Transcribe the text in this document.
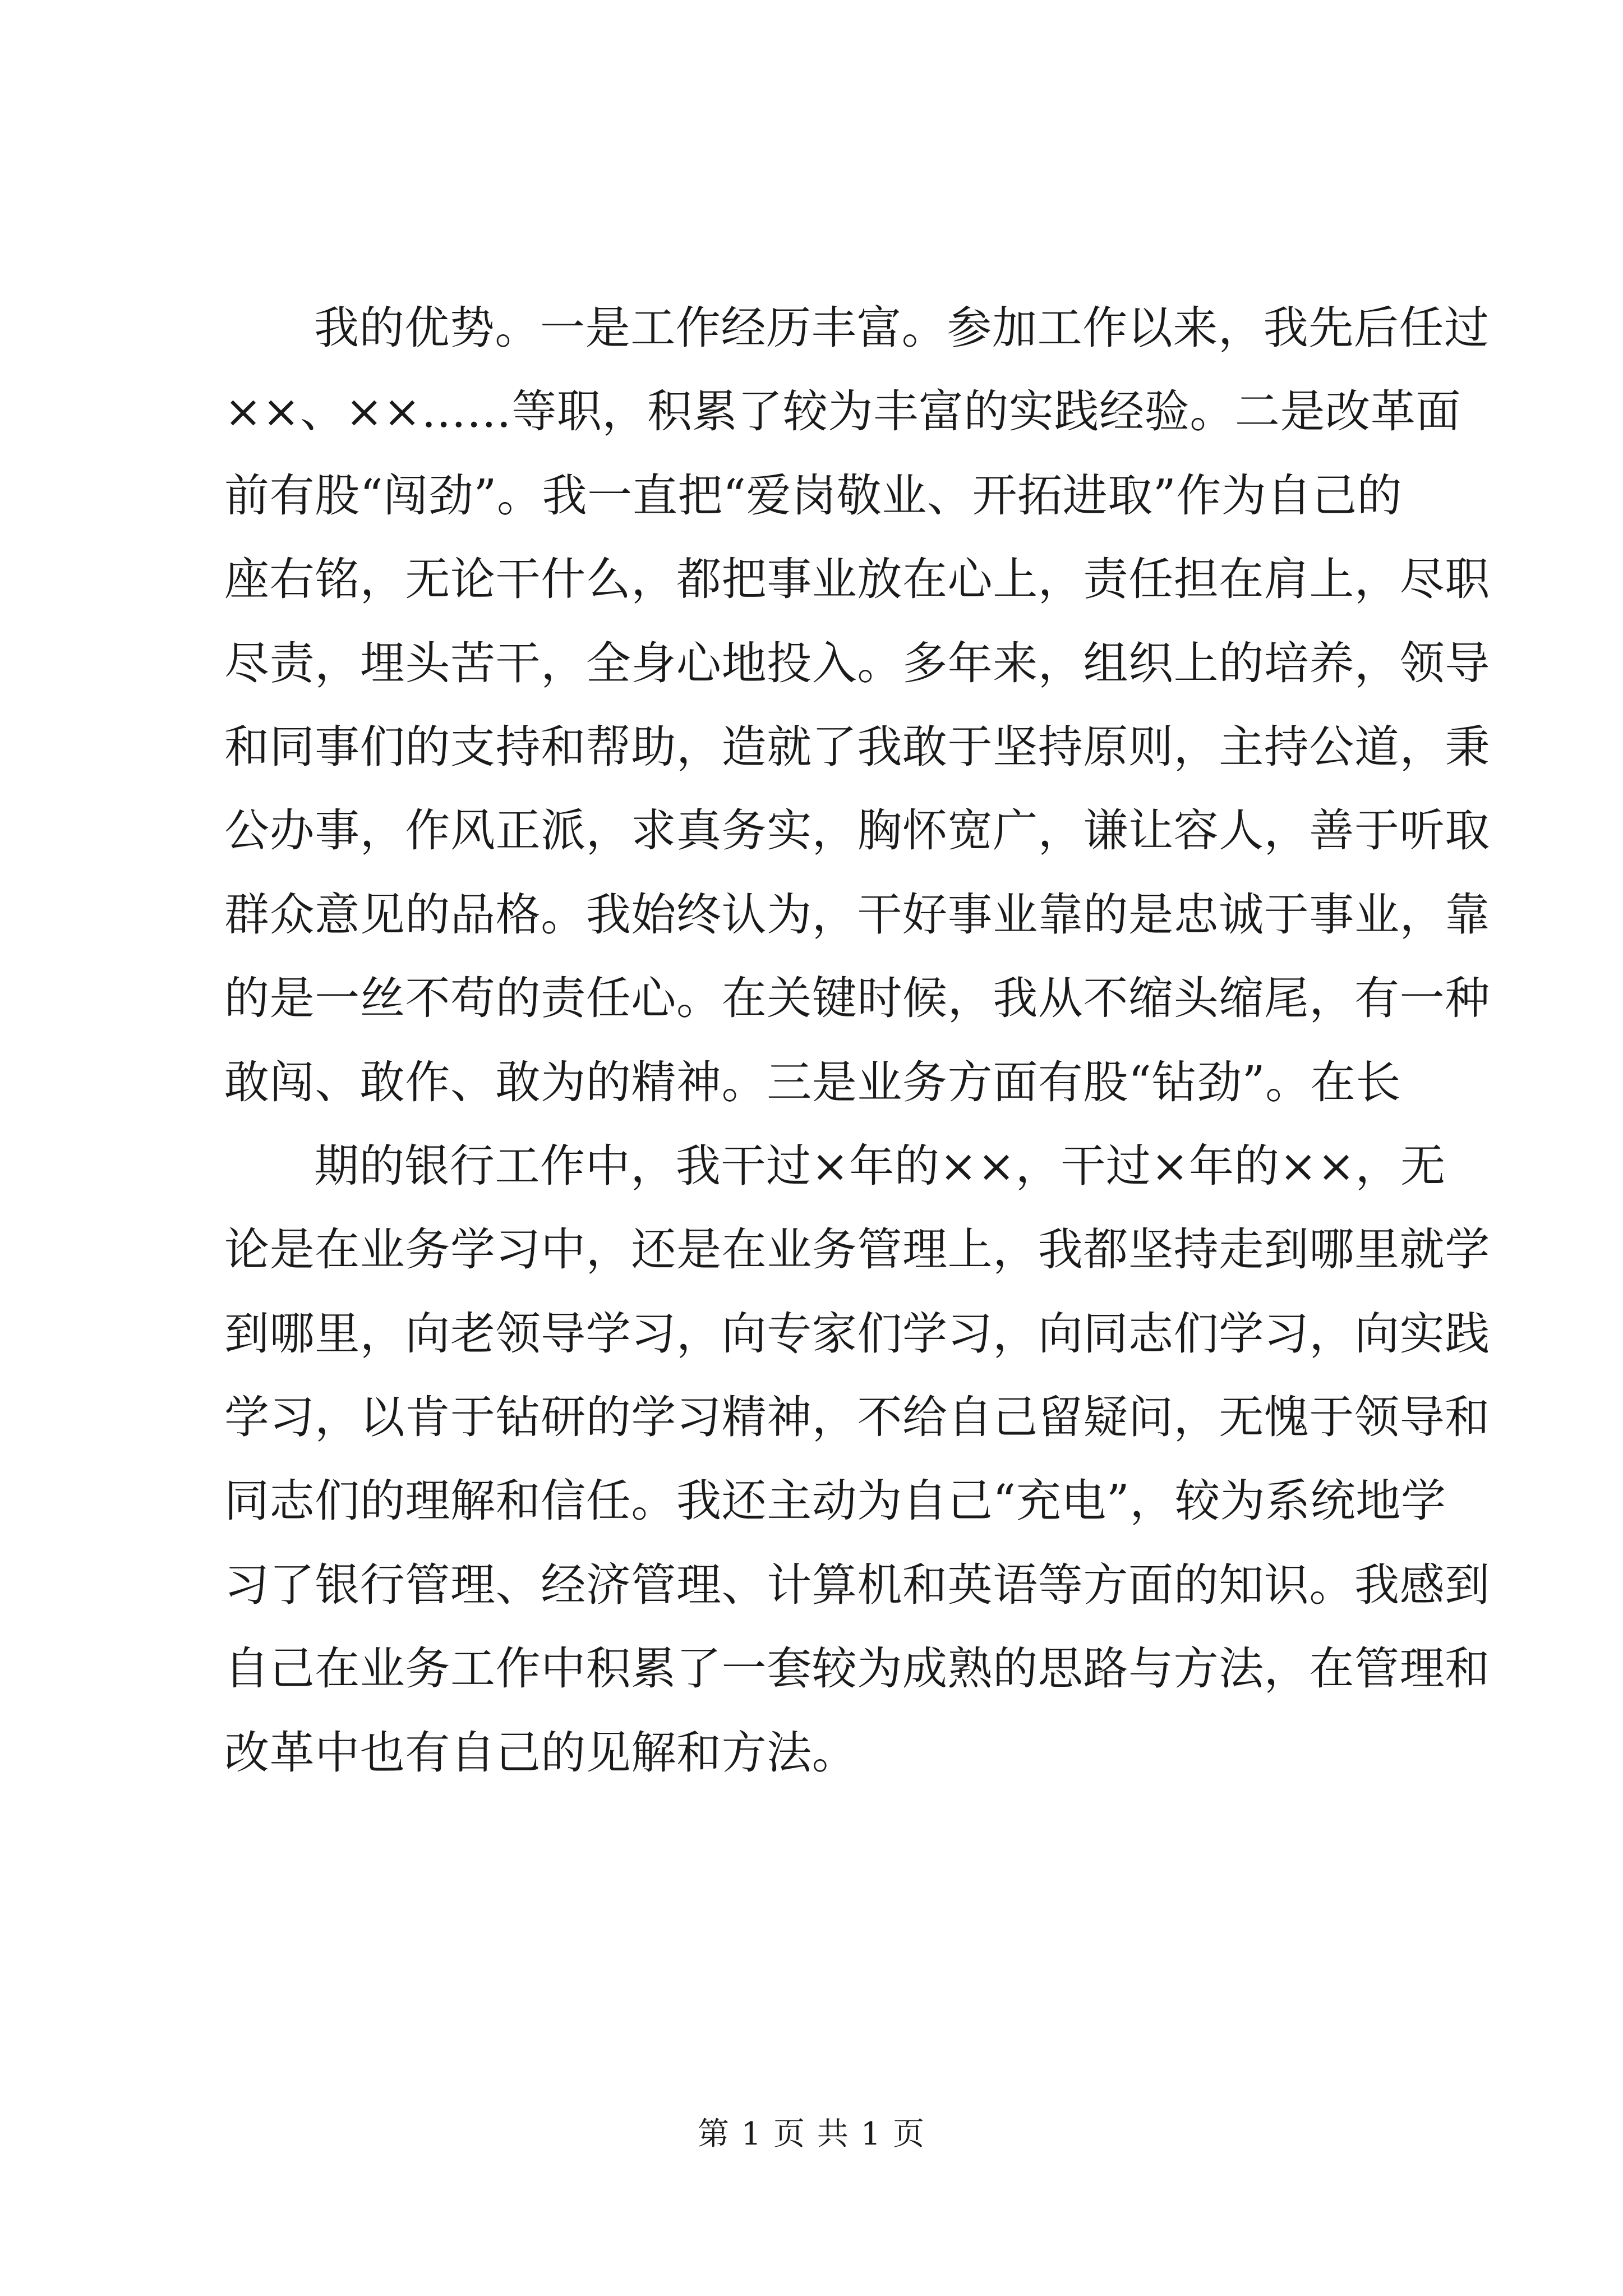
我的优势。一是工作经历丰富。参加工作以来，我先后任过
××、××……等职，积累了较为丰富的实践经验。二是改革面
前有股“闯劲”。我一直把“爱岗敬业、开拓进取”作为自己的
座右铭，无论干什么，都把事业放在心上，责任担在肩上，尽职
尽责，埋头苦干，全身心地投入。多年来，组织上的培养，领导
和同事们的支持和帮助，造就了我敢于坚持原则，主持公道，秉
公办事，作风正派，求真务实，胸怀宽广，谦让容人，善于听取
群众意见的品格。我始终认为，干好事业靠的是忠诚于事业，靠
的是一丝不苟的责任心。在关键时候，我从不缩头缩尾，有一种
敢闯、敢作、敢为的精神。三是业务方面有股“钻劲”。在长
期的银行工作中，我干过×年的××，干过×年的××，无
论是在业务学习中，还是在业务管理上，我都坚持走到哪里就学
到哪里，向老领导学习，向专家们学习，向同志们学习，向实践
学习，以肯于钻研的学习精神，不给自己留疑问，无愧于领导和
同志们的理解和信任。我还主动为自己“充电”，较为系统地学
习了银行管理、经济管理、计算机和英语等方面的知识。我感到
自己在业务工作中积累了一套较为成熟的思路与方法，在管理和
改革中也有自己的见解和方法。
第 1 页 共 1 页
